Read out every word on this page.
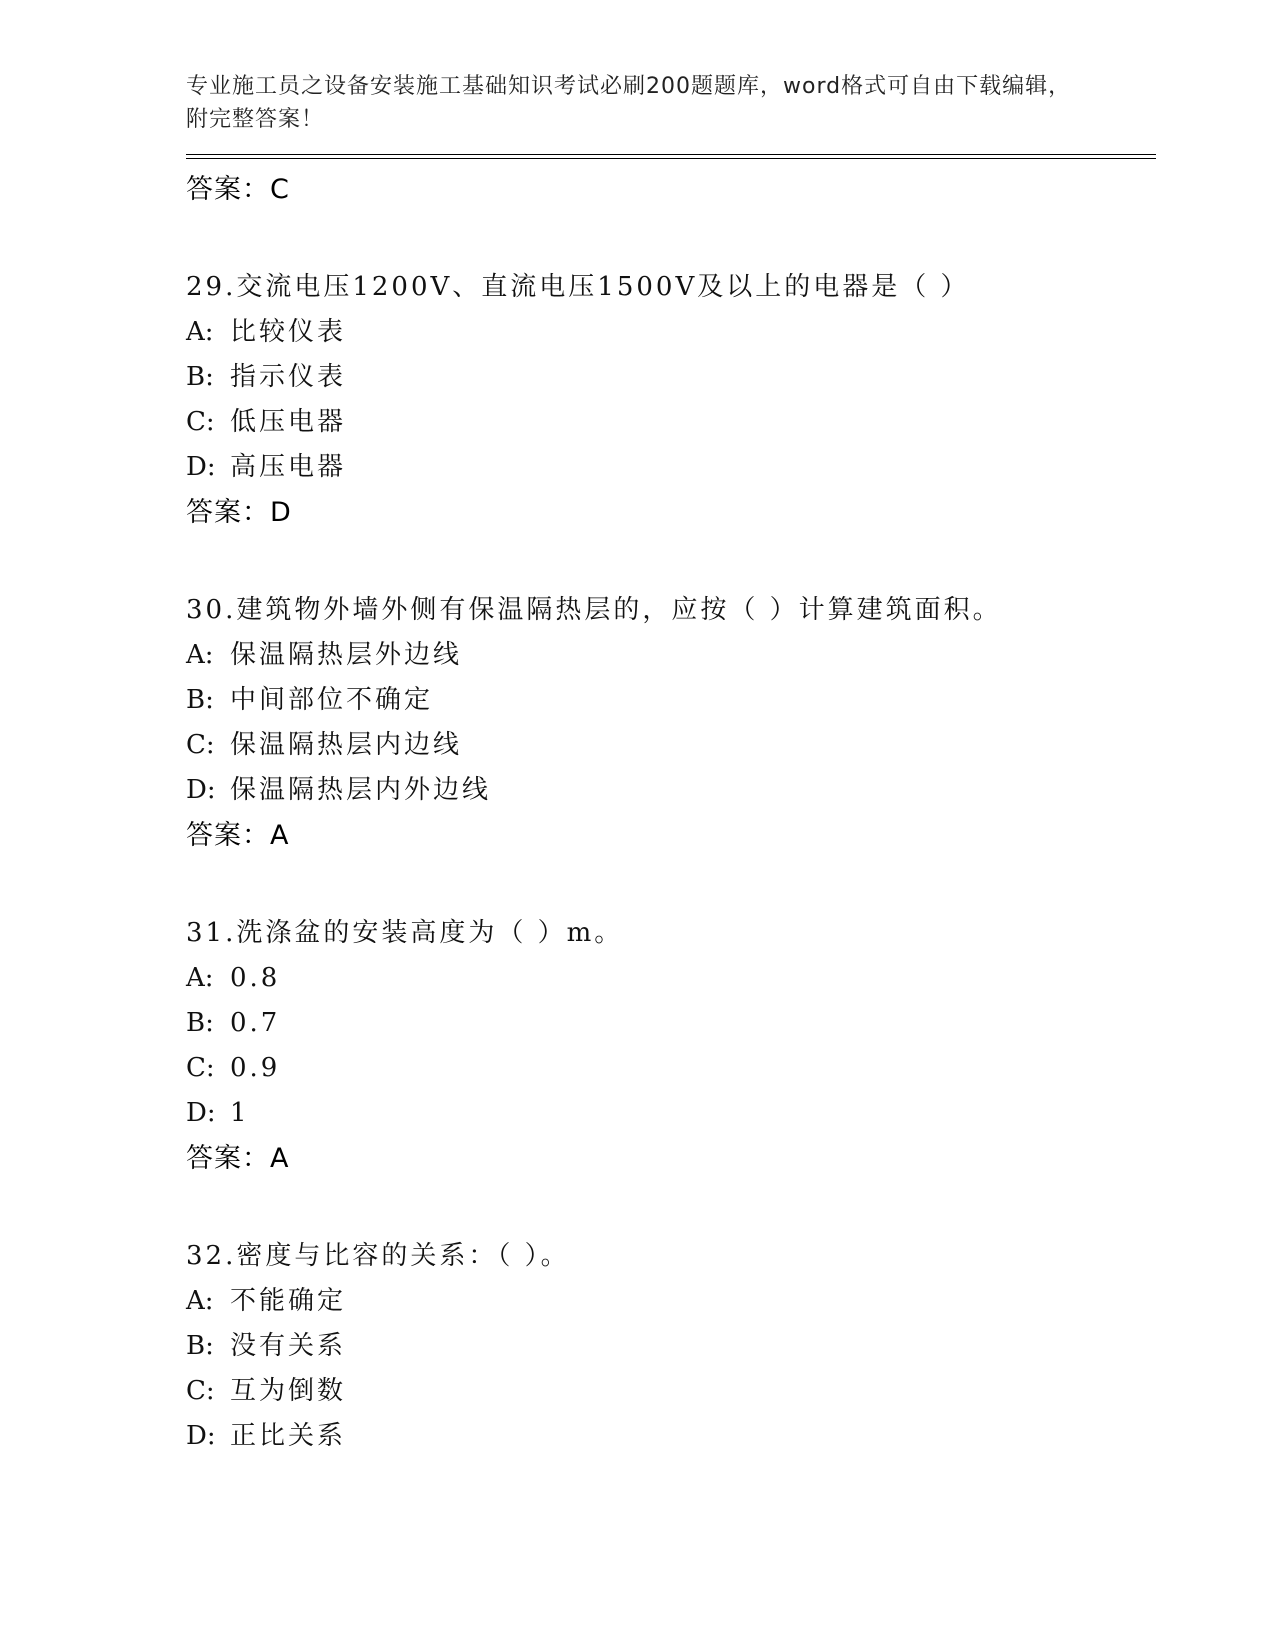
专业施工员之设备安装施工基础知识考试必刷200题题库，word格式可自由下载编辑，附完整答案！
答案：C
29.交流电压1200V、直流电压1500V及以上的电器是（ ）
A: 比较仪表
B: 指示仪表
C: 低压电器
D: 高压电器
答案：D
30.建筑物外墙外侧有保温隔热层的，应按（ ）计算建筑面积。
A: 保温隔热层外边线
B: 中间部位不确定
C: 保温隔热层内边线
D: 保温隔热层内外边线
答案：A
31.洗涤盆的安装高度为（ ）m。
A: 0.8
B: 0.7
C: 0.9
D: 1
答案：A
32.密度与比容的关系：（ ）。
A: 不能确定
B: 没有关系
C: 互为倒数
D: 正比关系
